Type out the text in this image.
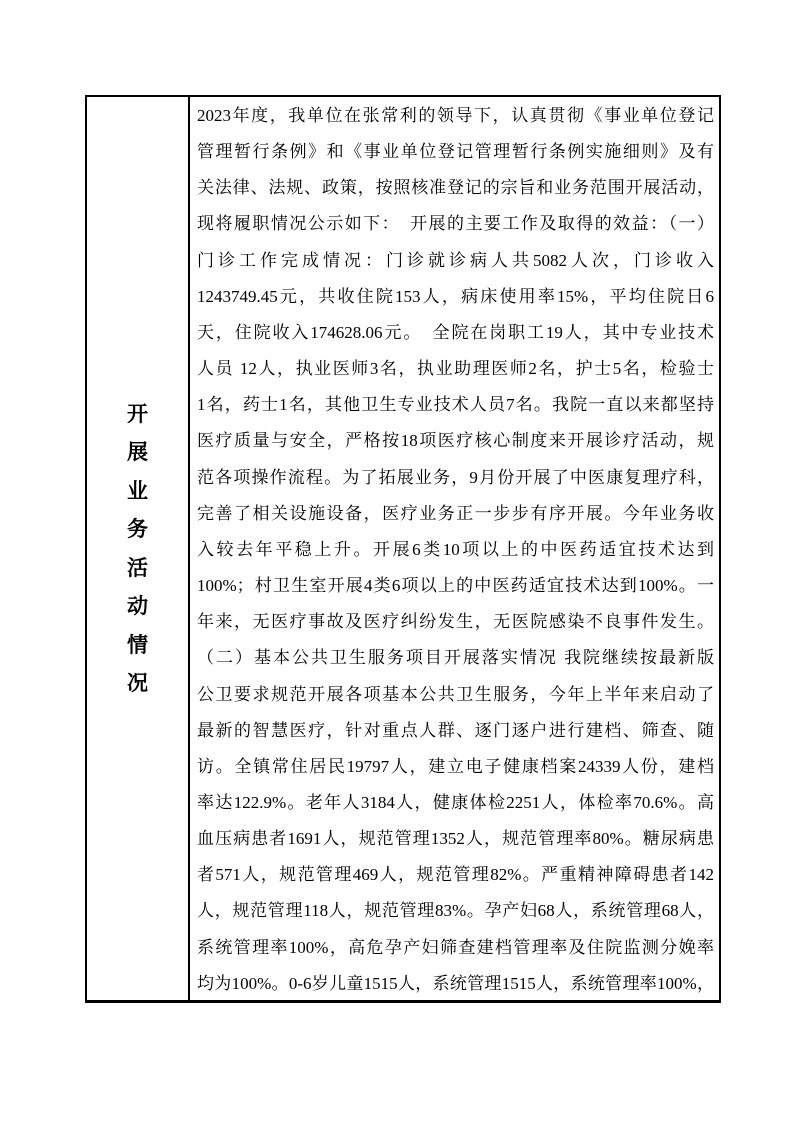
开
展
业
务
活
动
情
况
2023年度，我单位在张常利的领导下，认真贯彻《事业单位登记
管理暂行条例》和《事业单位登记管理暂行条例实施细则》及有
关法律、法规、政策，按照核准登记的宗旨和业务范围开展活动，
现将履职情况公示如下：　开展的主要工作及取得的效益：（一）
门诊工作完成情况：门诊就诊病人共5082人次，门诊收入
1243749.45元，共收住院153人，病床使用率15%，平均住院日6
天，住院收入174628.06元。　全院在岗职工19人，其中专业技术
人员 12人，执业医师3名，执业助理医师2名，护士5名，检验士
1名，药士1名，其他卫生专业技术人员7名。我院一直以来都坚持
医疗质量与安全，严格按18项医疗核心制度来开展诊疗活动，规
范各项操作流程。为了拓展业务，9月份开展了中医康复理疗科，
完善了相关设施设备，医疗业务正一步步有序开展。今年业务收
入较去年平稳上升。开展6类10项以上的中医药适宜技术达到
100%；村卫生室开展4类6项以上的中医药适宜技术达到100%。一
年来，无医疗事故及医疗纠纷发生，无医院感染不良事件发生。
（二）基本公共卫生服务项目开展落实情况 我院继续按最新版
公卫要求规范开展各项基本公共卫生服务，今年上半年来启动了
最新的智慧医疗，针对重点人群、逐门逐户进行建档、筛查、随
访。全镇常住居民19797人，建立电子健康档案24339人份，建档
率达122.9%。老年人3184人，健康体检2251人，体检率70.6%。高
血压病患者1691人，规范管理1352人，规范管理率80%。糖尿病患
者571人，规范管理469人，规范管理82%。严重精神障碍患者142
人，规范管理118人，规范管理83%。孕产妇68人，系统管理68人，
系统管理率100%，高危孕产妇筛查建档管理率及住院监测分娩率
均为100%。0-6岁儿童1515人，系统管理1515人，系统管理率100%，
